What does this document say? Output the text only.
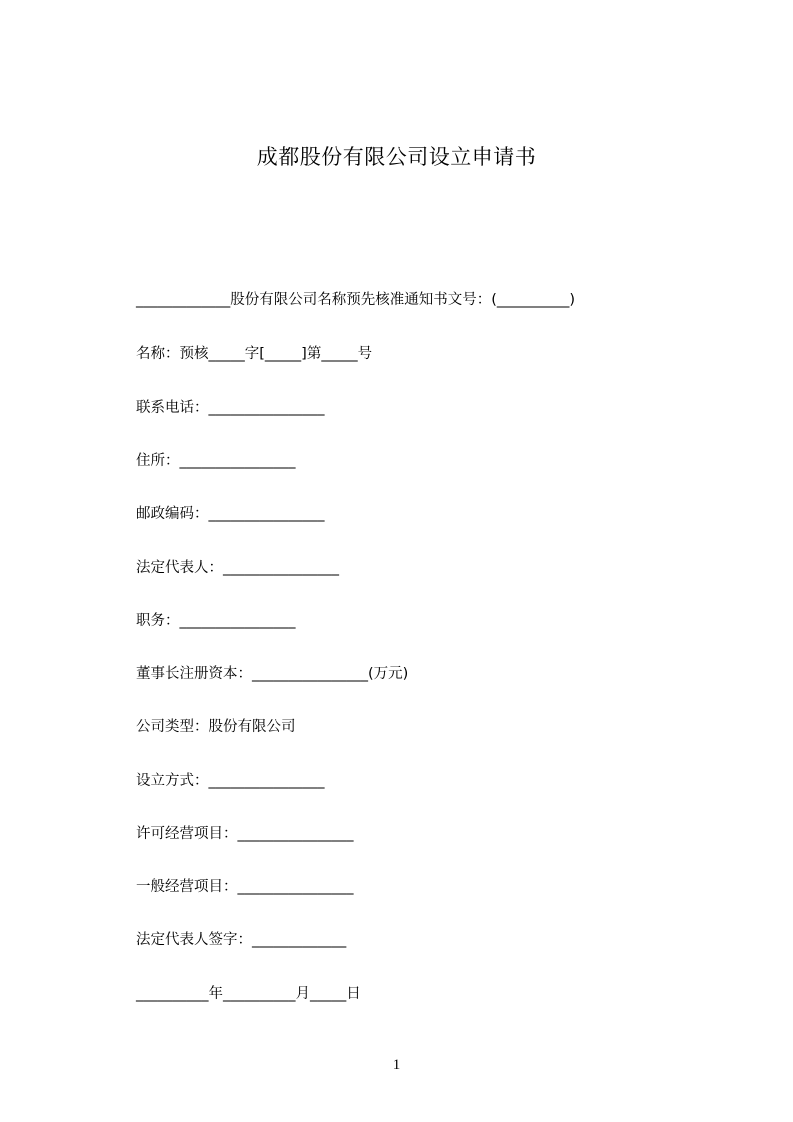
成都股份有限公司设立申请书
_____________股份有限公司名称预先核准通知书文号：(__________)
名称：预核_____字[_____]第_____号
联系电话：________________
住所：________________
邮政编码：________________
法定代表人：________________
职务：________________
董事长注册资本：________________(万元)
公司类型：股份有限公司
设立方式：________________
许可经营项目：________________
一般经营项目：________________
法定代表人签字：_____________
__________年__________月_____日
1
